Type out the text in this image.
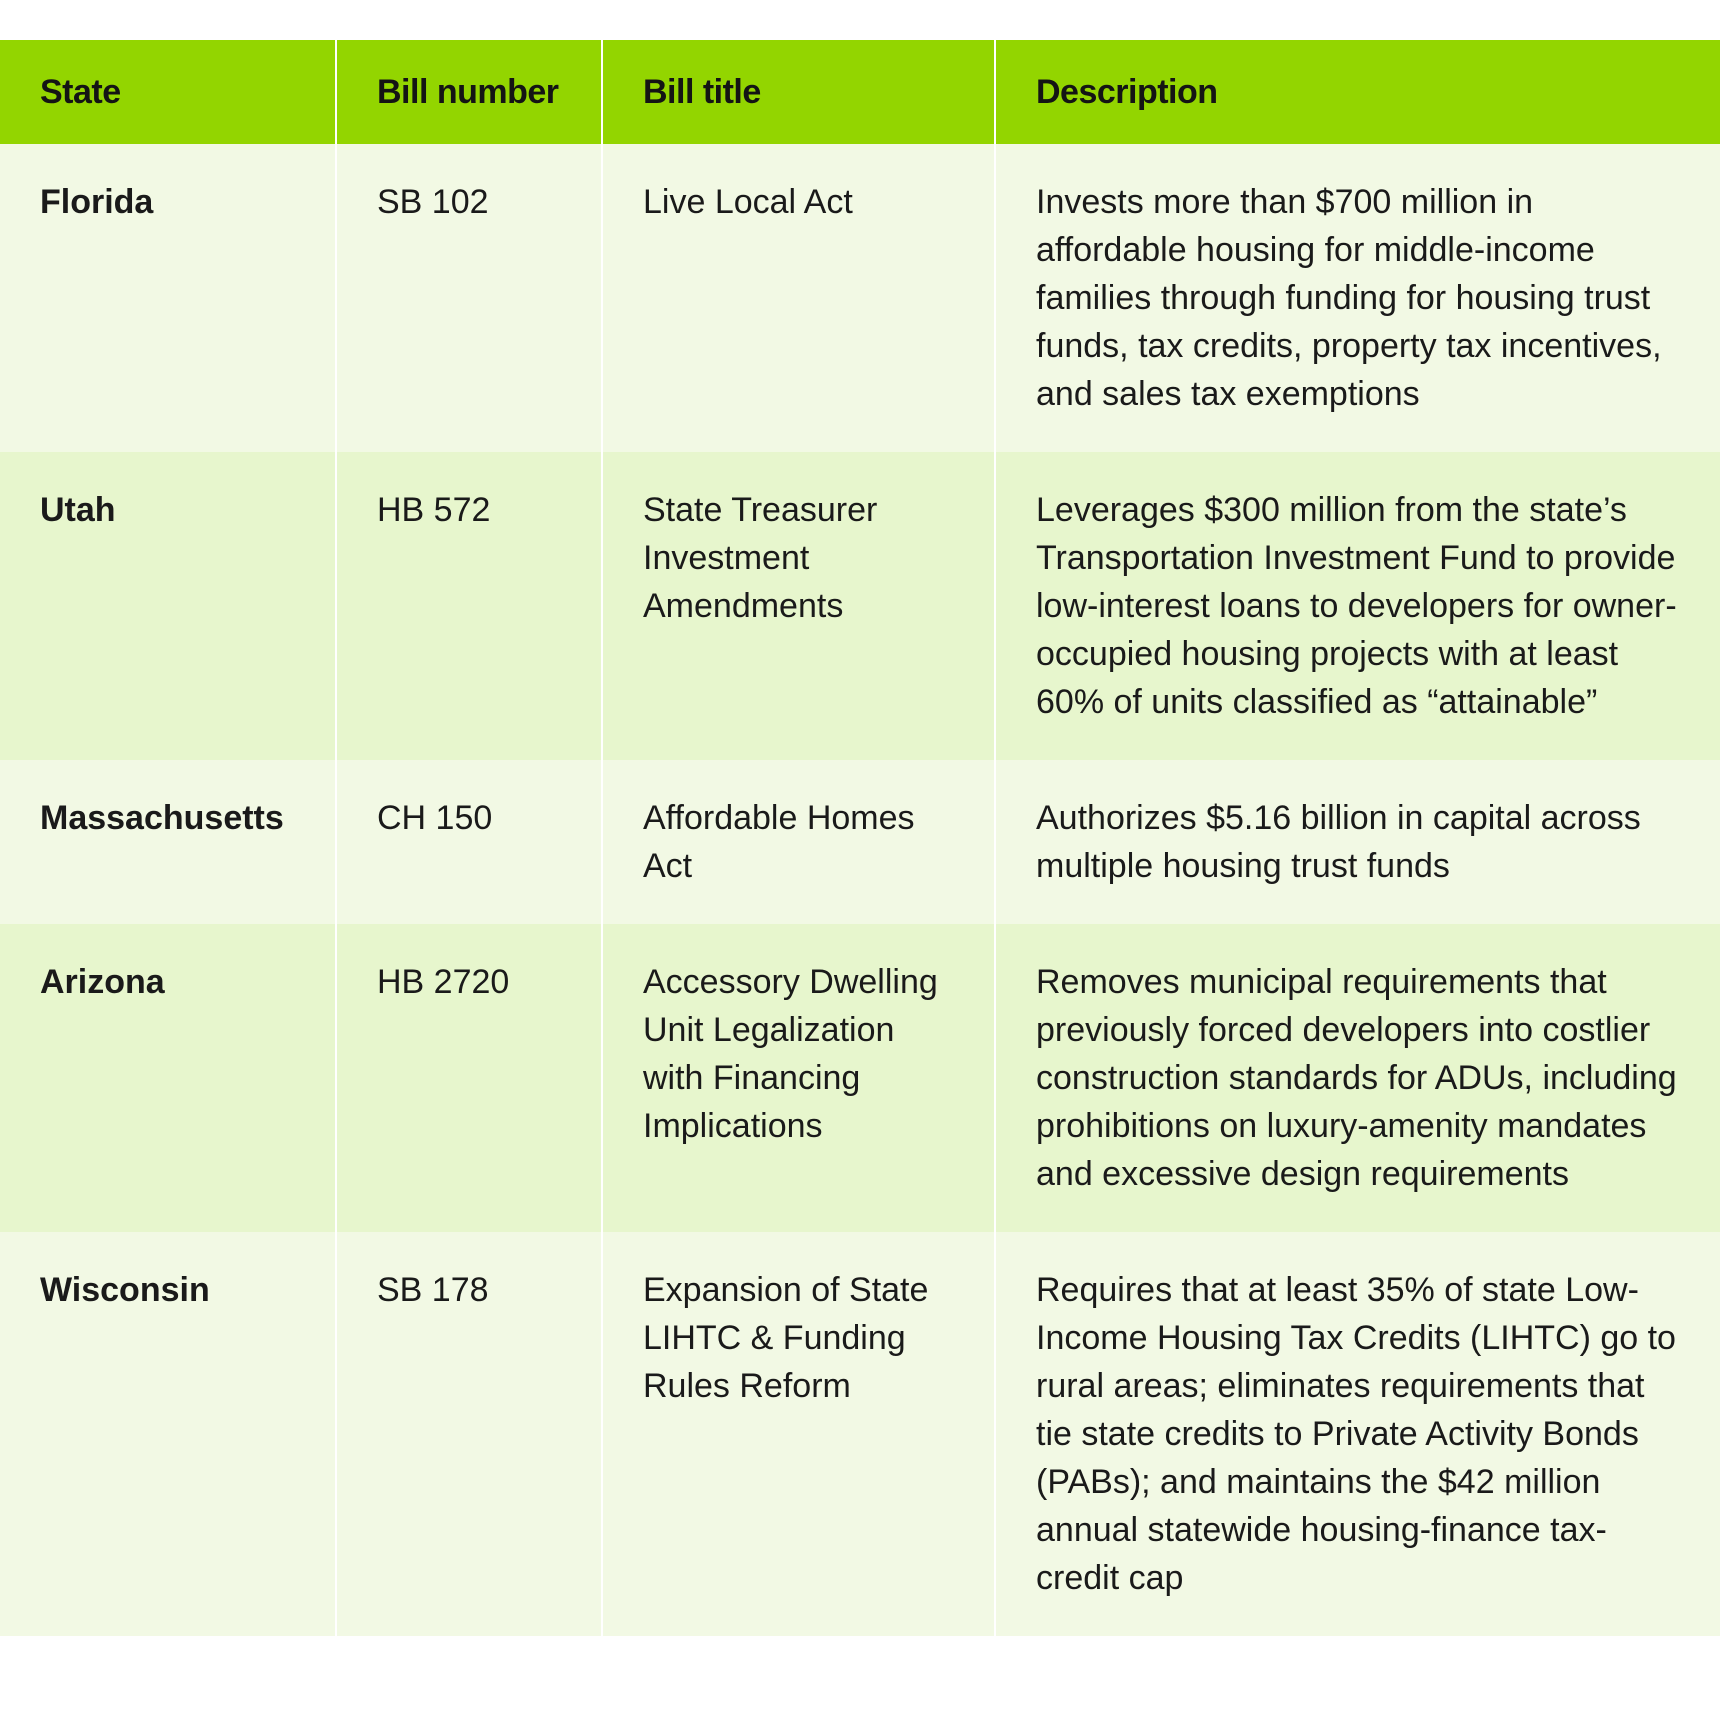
State	Bill number	Bill title	Description
Florida	SB 102	Live Local Act	Invests more than $700 million in affordable housing for middle-income families through funding for housing trust funds, tax credits, property tax incentives, and sales tax exemptions
Utah	HB 572	State Treasurer Investment Amendments	Leverages $300 million from the state’s Transportation Investment Fund to provide low-interest loans to developers for owner-occupied housing projects with at least 60% of units classified as “attainable”
Massachusetts	CH 150	Affordable Homes Act	Authorizes $5.16 billion in capital across multiple housing trust funds
Arizona	HB 2720	Accessory Dwelling Unit Legalization with Financing Implications	Removes municipal requirements that previously forced developers into costlier construction standards for ADUs, including prohibitions on luxury-amenity mandates and excessive design requirements
Wisconsin	SB 178	Expansion of State LIHTC & Funding Rules Reform	Requires that at least 35% of state Low-Income Housing Tax Credits (LIHTC) go to rural areas; eliminates requirements that tie state credits to Private Activity Bonds (PABs); and maintains the $42 million annual statewide housing-finance tax-credit cap
